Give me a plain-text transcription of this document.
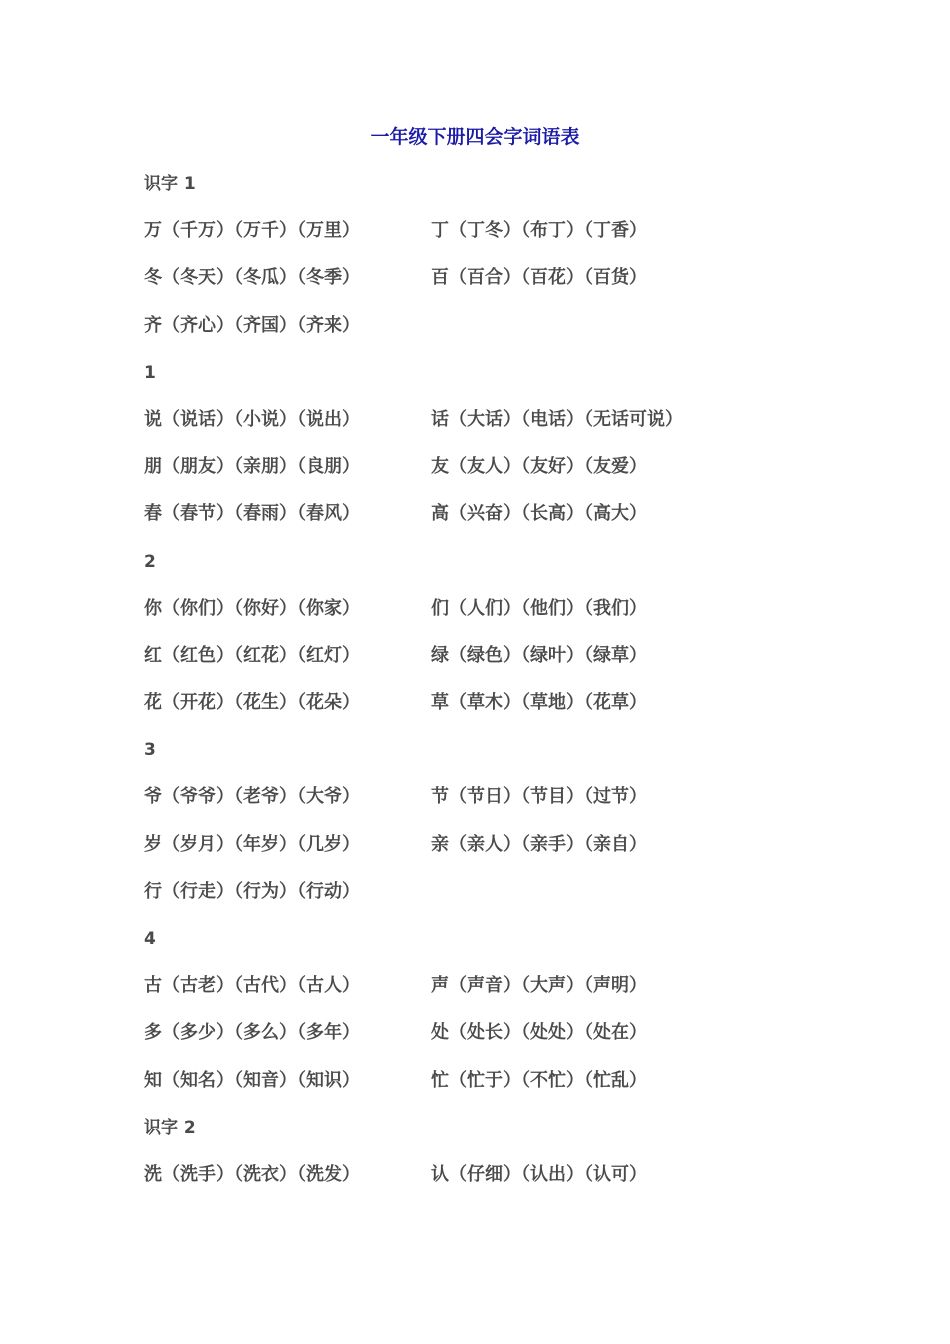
一年级下册四会字词语表
识字 1
万（千万）（万千）（万里）	丁（丁冬）（布丁）（丁香）
冬（冬天）（冬瓜）（冬季）	百（百合）（百花）（百货）
齐（齐心）（齐国）（齐来）
1
说（说话）（小说）（说出）	话（大话）（电话）（无话可说）
朋（朋友）（亲朋）（良朋）	友（友人）（友好）（友爱）
春（春节）（春雨）（春风）	高（兴奋）（长高）（高大）
2
你（你们）（你好）（你家）	们（人们）（他们）（我们）
红（红色）（红花）（红灯）	绿（绿色）（绿叶）（绿草）
花（开花）（花生）（花朵）	草（草木）（草地）（花草）
3
爷（爷爷）（老爷）（大爷）	节（节日）（节目）（过节）
岁（岁月）（年岁）（几岁）	亲（亲人）（亲手）（亲自）
行（行走）（行为）（行动）
4
古（古老）（古代）（古人）	声（声音）（大声）（声明）
多（多少）（多么）（多年）	处（处长）（处处）（处在）
知（知名）（知音）（知识）	忙（忙于）（不忙）（忙乱）
识字 2
洗（洗手）（洗衣）（洗发）	认（仔细）（认出）（认可）
